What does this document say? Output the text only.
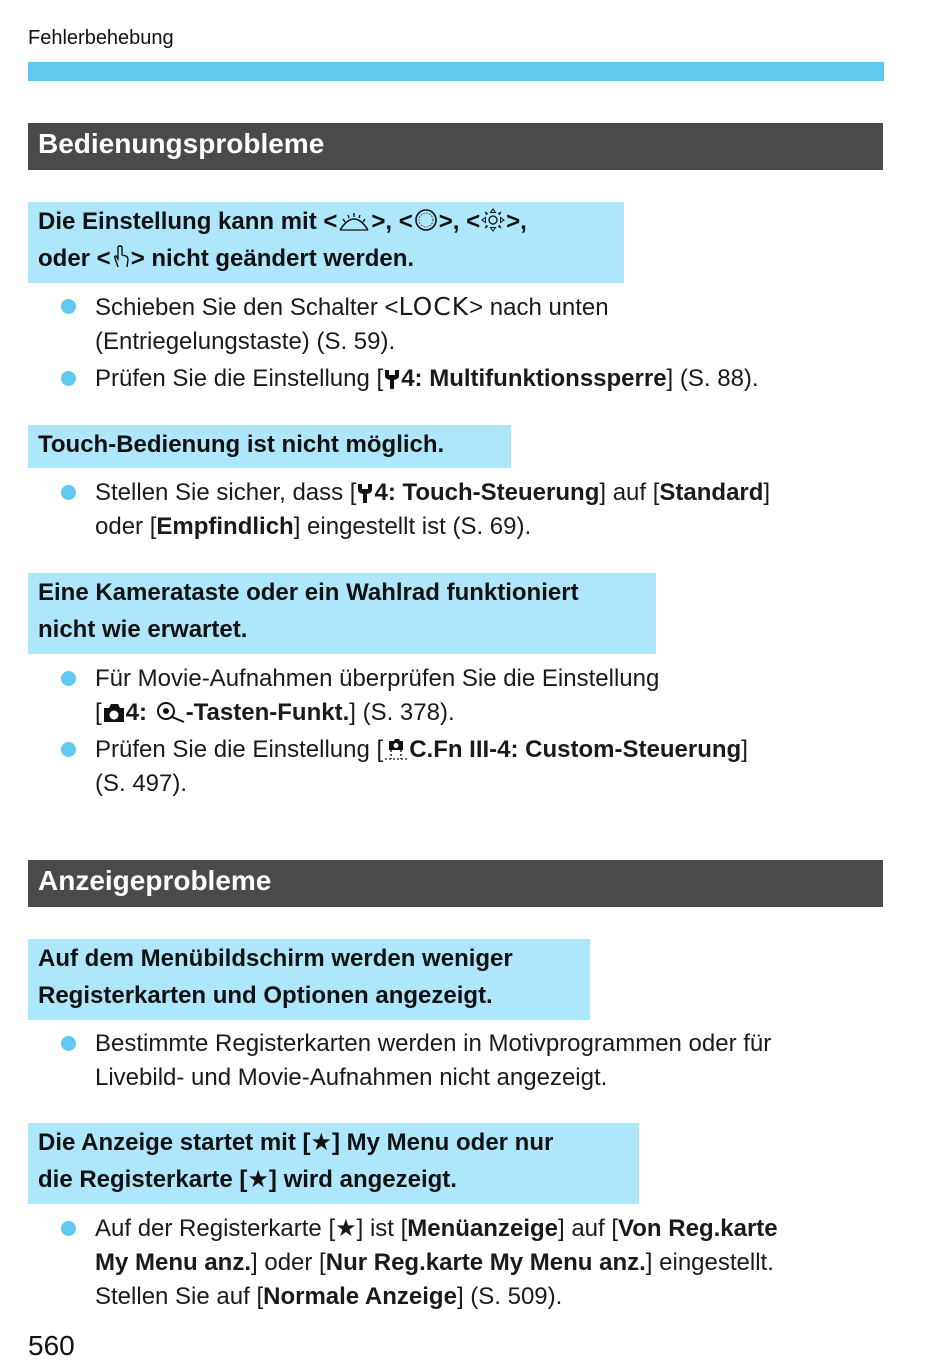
Fehlerbehebung
Bedienungsprobleme
Die Einstellung kann mit < >, < >, < >,
oder < > nicht geändert werden.
Schieben Sie den Schalter <LOCK> nach unten
(Entriegelungstaste) (S. 59).
Prüfen Sie die Einstellung [ 4: Multifunktionssperre] (S. 88).
Touch-Bedienung ist nicht möglich.
Stellen Sie sicher, dass [ 4: Touch-Steuerung] auf [Standard]
oder [Empfindlich] eingestellt ist (S. 69).
Eine Kamerataste oder ein Wahlrad funktioniert
nicht wie erwartet.
Für Movie-Aufnahmen überprüfen Sie die Einstellung
[ 4: -Tasten-Funkt.] (S. 378).
Prüfen Sie die Einstellung [ C.Fn III-4: Custom-Steuerung]
(S. 497).
Anzeigeprobleme
Auf dem Menübildschirm werden weniger
Registerkarten und Optionen angezeigt.
Bestimmte Registerkarten werden in Motivprogrammen oder für
Livebild- und Movie-Aufnahmen nicht angezeigt.
Die Anzeige startet mit [★] My Menu oder nur
die Registerkarte [★] wird angezeigt.
Auf der Registerkarte [★] ist [Menüanzeige] auf [Von Reg.karte
My Menu anz.] oder [Nur Reg.karte My Menu anz.] eingestellt.
Stellen Sie auf [Normale Anzeige] (S. 509).
560
